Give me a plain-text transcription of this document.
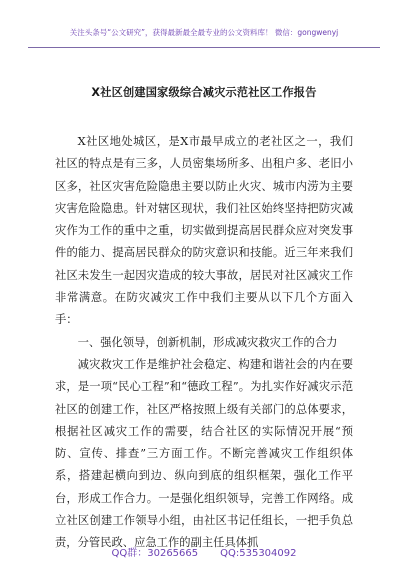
关注头条号“公文研究”，获得最新最全最专业的公文资料库！ 微信：gongwenyj
X社区创建国家级综合减灾示范社区工作报告

X社区地处城区，是X市最早成立的老社区之一，我们社区的特点是有三多，人员密集场所多、出租户多、老旧小区多，社区灾害危险隐患主要以防止火灾、城市内涝为主要灾害危险隐患。针对辖区现状，我们社区始终坚持把防灾减灾作为工作的重中之重，切实做到提高居民群众应对突发事件的能力、提高居民群众的防灾意识和技能。近三年来我们社区未发生一起因灾造成的较大事故，居民对社区减灾工作非常满意。在防灾减灾工作中我们主要从以下几个方面入手：

一、强化领导，创新机制，形成减灾救灾工作的合力

减灾救灾工作是维护社会稳定、构建和谐社会的内在要求，是一项“民心工程”和“德政工程”。为扎实作好减灾示范社区的创建工作，社区严格按照上级有关部门的总体要求，根据社区减灾工作的需要，结合社区的实际情况开展“预防、宣传、排查”三方面工作。不断完善减灾工作组织体系，搭建起横向到边、纵向到底的组织框架，强化工作平台，形成工作合力。一是强化组织领导，完善工作网络。成立社区创建工作领导小组，由社区书记任组长，一把手负总责，分管民政、应急工作的副主任具体抓

QQ群：30265665 QQ:535304092
